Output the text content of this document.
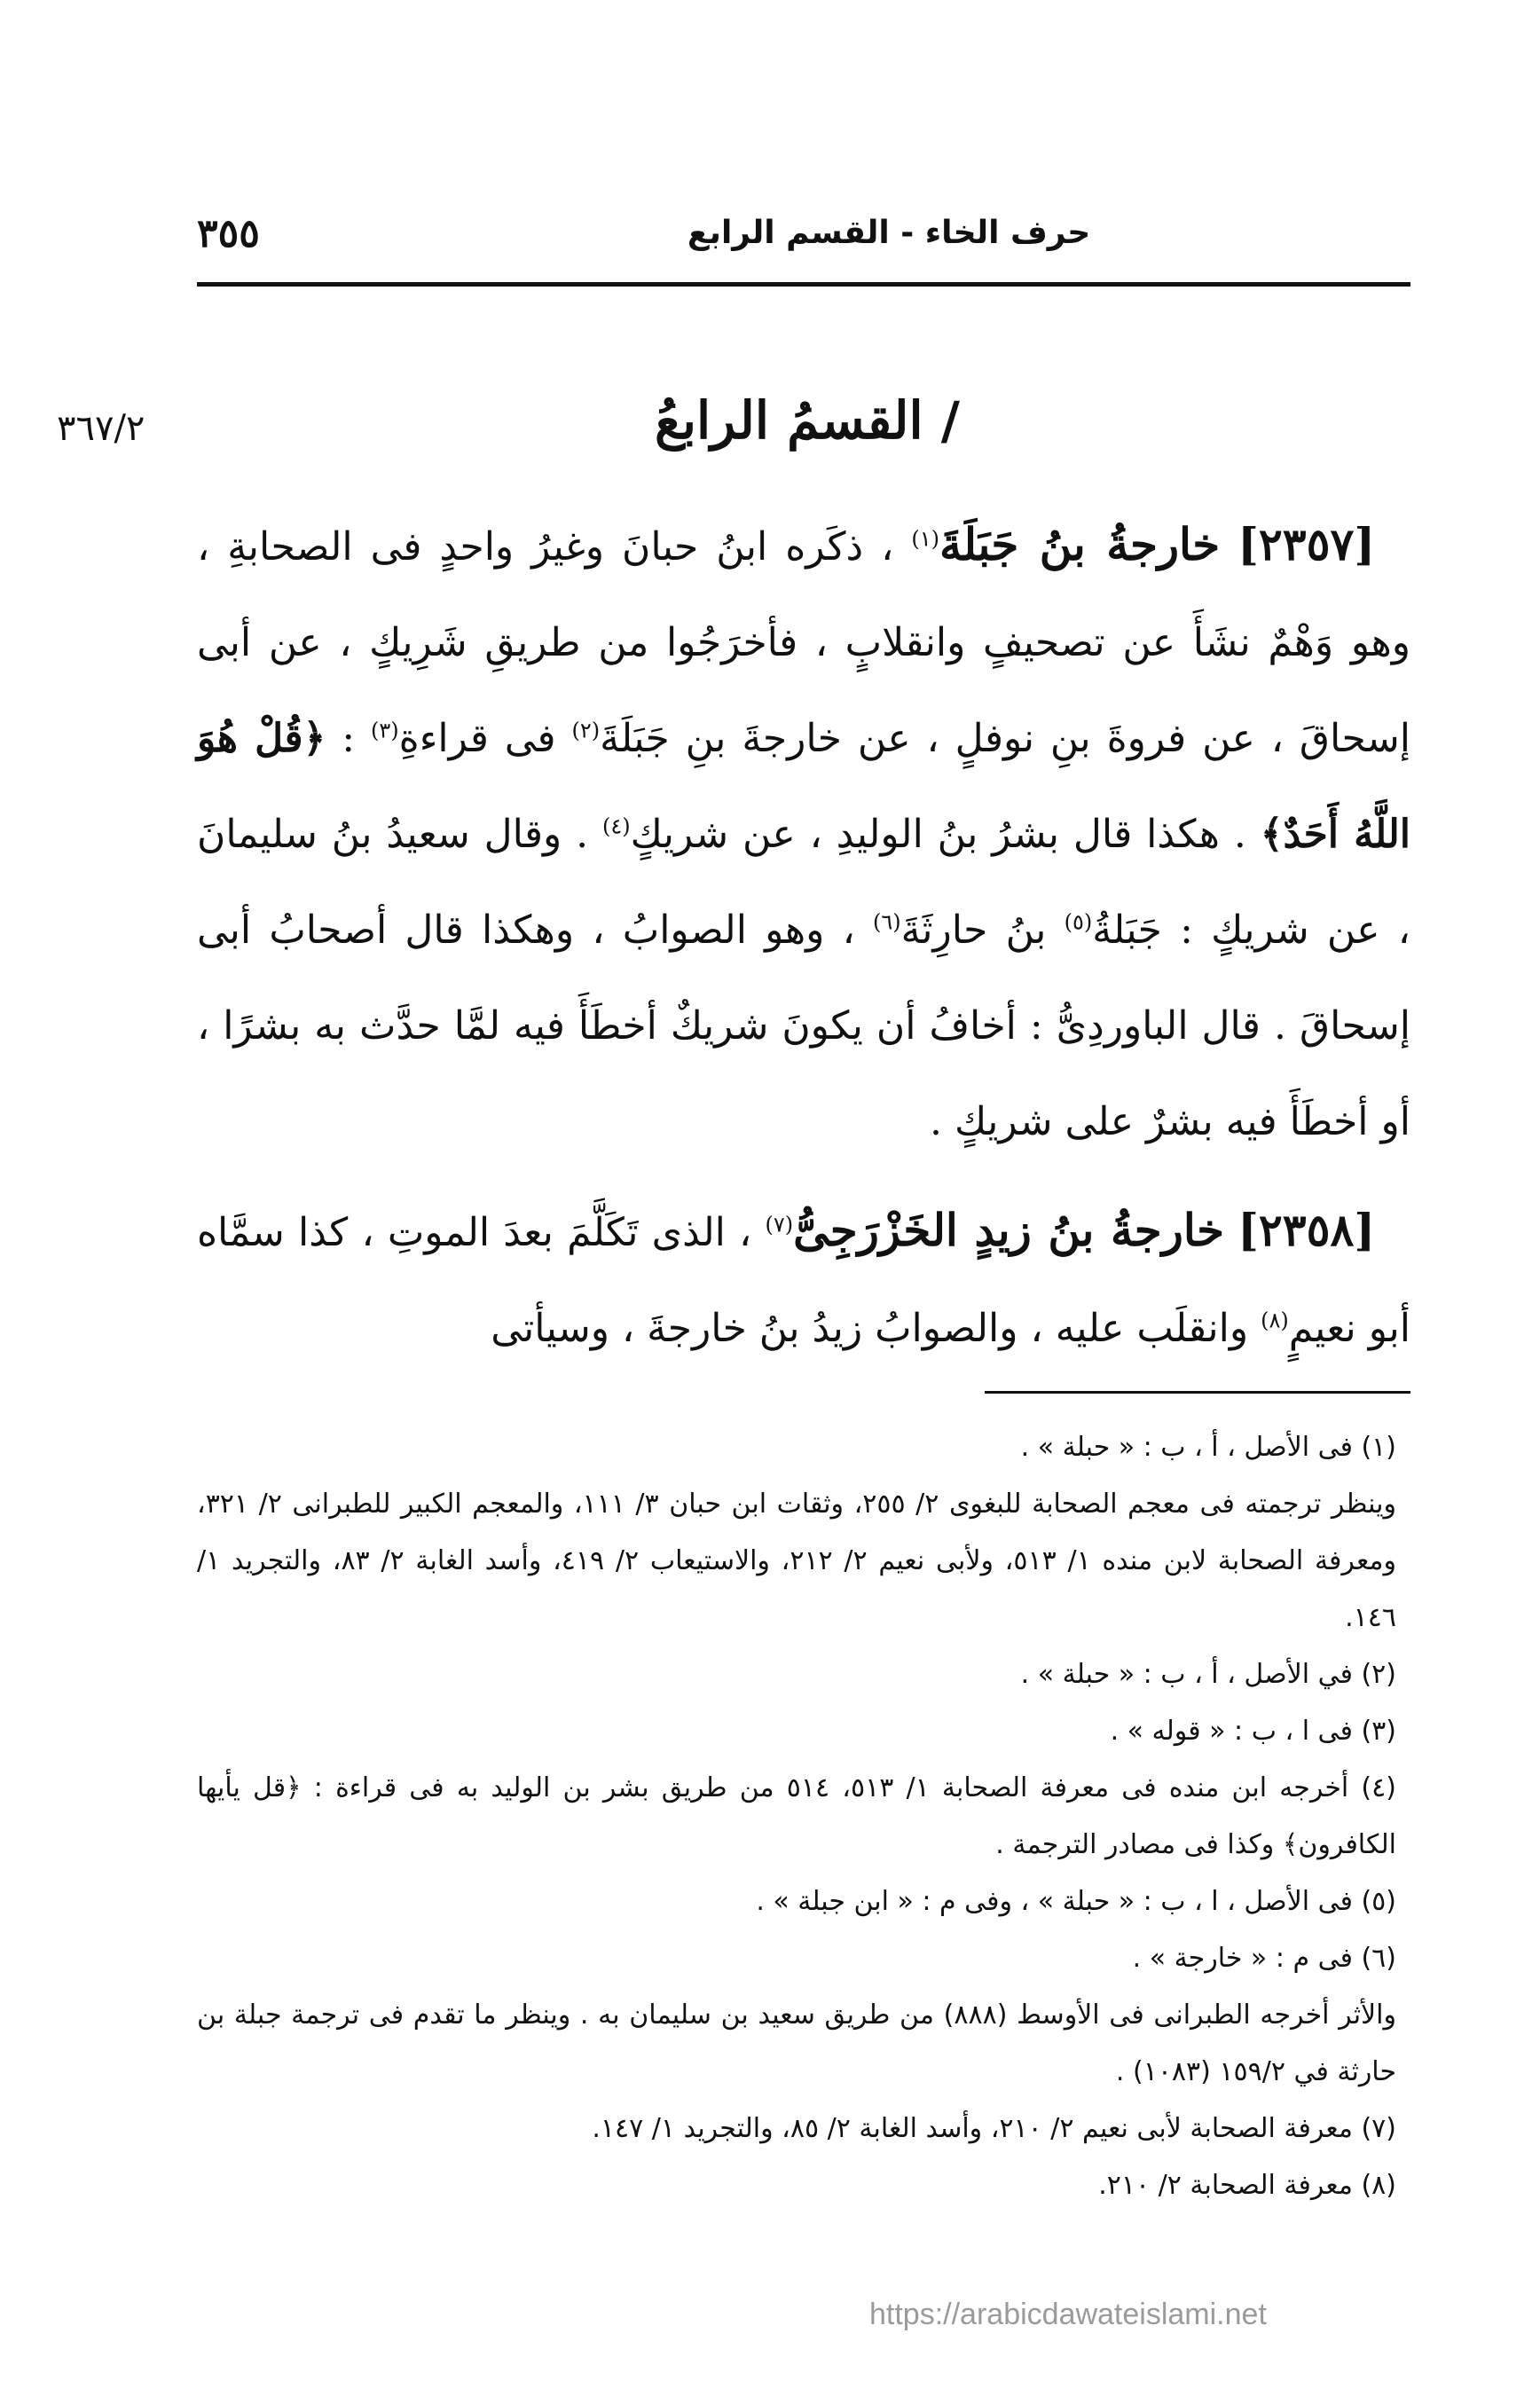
٣٥٥	حرف الخاء - القسم الرابع
٣٦٧/٢	/ القسمُ الرابعُ

[٢٣٥٧] خارجةُ بنُ جَبَلَةَ$^{(١)}$ ، ذكَره ابنُ حبانَ وغيرُ واحدٍ فى الصحابةِ ، وهو وَهْمٌ نشَأَ عن تصحيفٍ وانقلابٍ ، فأخرَجُوا من طريقِ شَرِيكٍ ، عن أبى إسحاقَ ، عن فروةَ بنِ نوفلٍ ، عن خارجةَ بنِ جَبَلَةَ$^{(٢)}$ فى قراءةِ$^{(٣)}$ : ﴿قُلْ هُوَ اللَّهُ أَحَدٌ﴾ . هكذا قال بشرُ بنُ الوليدِ ، عن شريكٍ$^{(٤)}$ . وقال سعيدُ بنُ سليمانَ ، عن شريكٍ : جَبَلةُ$^{(٥)}$ بنُ حارِثَةَ$^{(٦)}$ ، وهو الصوابُ ، وهكذا قال أصحابُ أبى إسحاقَ . قال الباوردِىُّ : أخافُ أن يكونَ شريكٌ أخطَأَ فيه لمَّا حدَّث به بشرًا ، أو أخطَأَ فيه بشرٌ على شريكٍ .

[٢٣٥٨] خارجةُ بنُ زيدٍ الخَزْرَجِىُّ$^{(٧)}$ ، الذى تَكَلَّمَ بعدَ الموتِ ، كذا سمَّاه أبو نعيمٍ$^{(٨)}$ وانقلَب عليه ، والصوابُ زيدُ بنُ خارجةَ ، وسيأتى

(١) فى الأصل ، أ ، ب : « حبلة » .

وينظر ترجمته فى معجم الصحابة للبغوى ٢/ ٢٥٥، وثقات ابن حبان ٣/ ١١١، والمعجم الكبير للطبرانى ٢/ ٣٢١، ومعرفة الصحابة لابن منده ١/ ٥١٣، ولأبى نعيم ٢/ ٢١٢، والاستيعاب ٢/ ٤١٩، وأسد الغابة ٢/ ٨٣، والتجريد ١/ ١٤٦.

(٢) في الأصل ، أ ، ب : « حبلة » .

(٣) فى ا ، ب : « قوله » .

(٤) أخرجه ابن منده فى معرفة الصحابة ١/ ٥١٣، ٥١٤ من طريق بشر بن الوليد به فى قراءة : ﴿قل يأيها الكافرون﴾ وكذا فى مصادر الترجمة .

(٥) فى الأصل ، ا ، ب : « حبلة » ، وفى م : « ابن جبلة » .

(٦) فى م : « خارجة » .

والأثر أخرجه الطبرانى فى الأوسط (٨٨٨) من طريق سعيد بن سليمان به . وينظر ما تقدم فى ترجمة جبلة بن حارثة في ١٥٩/٢ (١٠٨٣) .

(٧) معرفة الصحابة لأبى نعيم ٢/ ٢١٠، وأسد الغابة ٢/ ٨٥، والتجريد ١/ ١٤٧.

(٨) معرفة الصحابة ٢/ ٢١٠.

https://arabicdawateislami.net
